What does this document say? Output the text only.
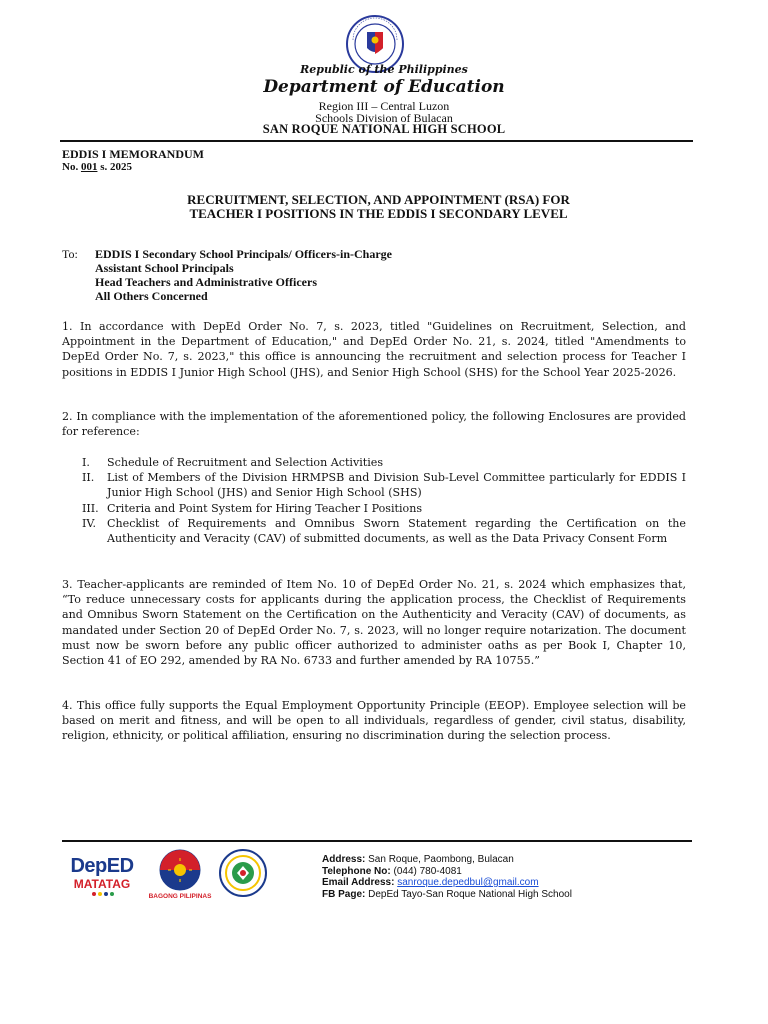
Republic of the Philippines
Department of Education
Region III – Central Luzon
Schools Division of Bulacan
SAN ROQUE NATIONAL HIGH SCHOOL
EDDIS I MEMORANDUM
No. 001 s. 2025
RECRUITMENT, SELECTION, AND APPOINTMENT (RSA) FOR
TEACHER I POSITIONS IN THE EDDIS I SECONDARY LEVEL
To: EDDIS I Secondary School Principals/ Officers-in-Charge
Assistant School Principals
Head Teachers and Administrative Officers
All Others Concerned
1. In accordance with DepEd Order No. 7, s. 2023, titled "Guidelines on Recruitment, Selection, and Appointment in the Department of Education," and DepEd Order No. 21, s. 2024, titled "Amendments to DepEd Order No. 7, s. 2023," this office is announcing the recruitment and selection process for Teacher I positions in EDDIS I Junior High School (JHS), and Senior High School (SHS) for the School Year 2025-2026.
2. In compliance with the implementation of the aforementioned policy, the following Enclosures are provided for reference:
I.	Schedule of Recruitment and Selection Activities
II.	List of Members of the Division HRMPSB and Division Sub-Level Committee particularly for EDDIS I Junior High School (JHS) and Senior High School (SHS)
III. Criteria and Point System for Hiring Teacher I Positions
IV. Checklist of Requirements and Omnibus Sworn Statement regarding the Certification on the Authenticity and Veracity (CAV) of submitted documents, as well as the Data Privacy Consent Form
3. Teacher-applicants are reminded of Item No. 10 of DepEd Order No. 21, s. 2024 which emphasizes that, “To reduce unnecessary costs for applicants during the application process, the Checklist of Requirements and Omnibus Sworn Statement on the Certification on the Authenticity and Veracity (CAV) of documents, as mandated under Section 20 of DepEd Order No. 7, s. 2023, will no longer require notarization. The document must now be sworn before any public officer authorized to administer oaths as per Book I, Chapter 10, Section 41 of EO 292, amended by RA No. 6733 and further amended by RA 10755.”
4. This office fully supports the Equal Employment Opportunity Principle (EEOP). Employee selection will be based on merit and fitness, and will be open to all individuals, regardless of gender, civil status, disability, religion, ethnicity, or political affiliation, ensuring no discrimination during the selection process.
DepED
MATATAG
BAGONG PILIPINAS
Address: San Roque, Paombong, Bulacan
Telephone No: (044) 780-4081
Email Address: sanroque.depedbul@gmail.com
FB Page: DepEd Tayo-San Roque National High School
